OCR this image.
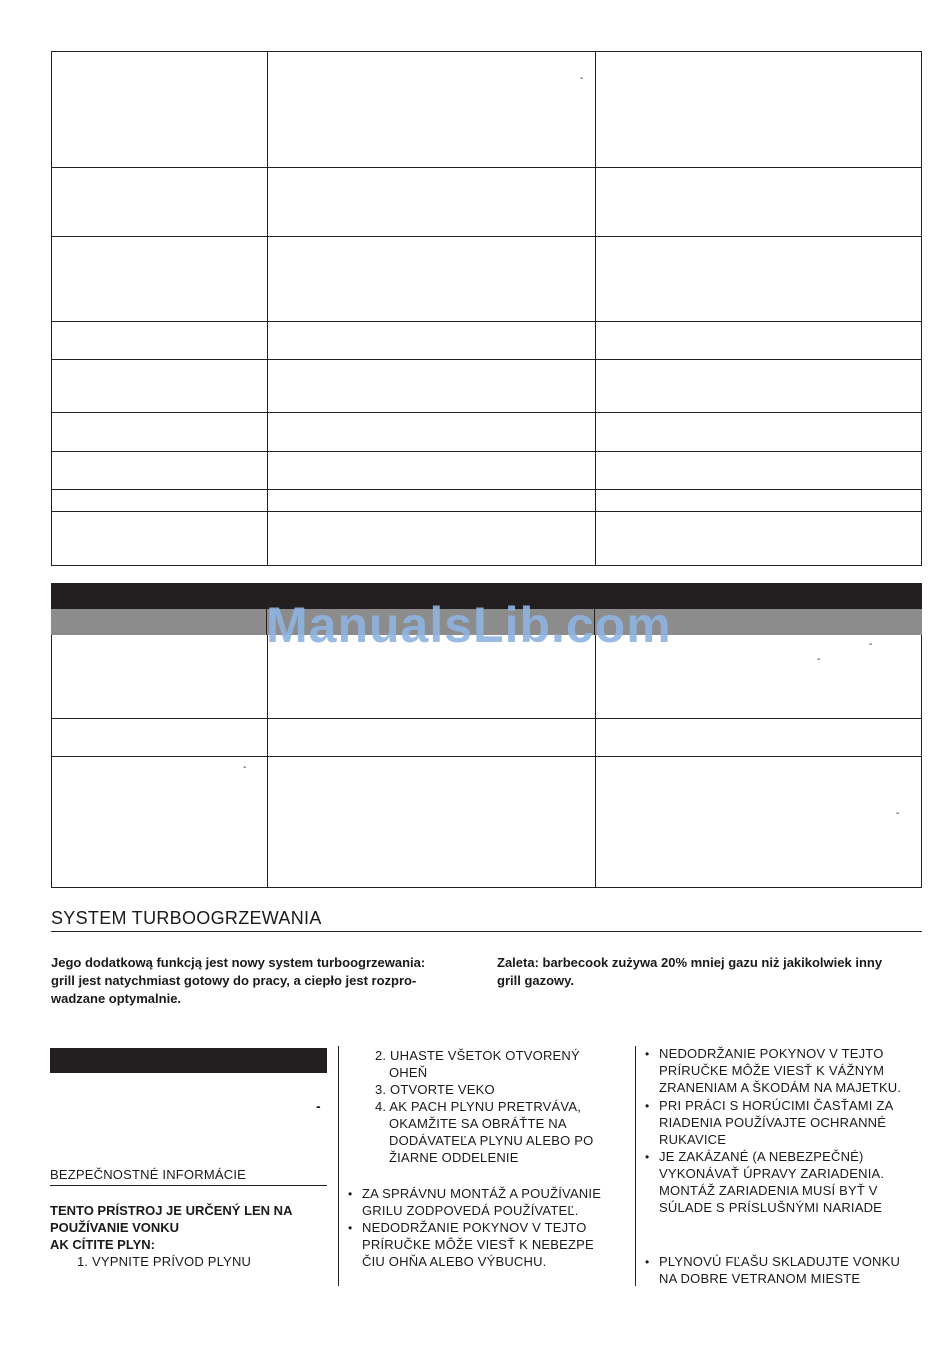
-
-
-
-
-
ManualsLib.com
SYSTEM TURBOOGRZEWANIA
Jego dodatkową funkcją jest nowy system turboogrzewania:
grill jest natychmiast gotowy do pracy, a ciepło jest rozpro-
wadzane optymalnie.
Zaleta: barbecook zużywa 20% mniej gazu niż jakikolwiek inny
grill gazowy.
-
BEZPEČNOSTNÉ INFORMÁCIE
TENTO PRÍSTROJ JE URČENÝ LEN NA
POUŽÍVANIE VONKU
AK CÍTITE PLYN:
1. VYPNITE PRÍVOD PLYNU
2. UHASTE VŠETOK OTVORENÝ
OHEŇ
3. OTVORTE VEKO
4. AK PACH PLYNU PRETRVÁVA,
OKAMŽITE SA OBRÁŤTE NA
DODÁVATEĽA PLYNU ALEBO PO
ŽIARNE ODDELENIE
• ZA SPRÁVNU MONTÁŽ A POUŽÍVANIE
GRILU ZODPOVEDÁ POUŽÍVATEĽ.
• NEDODRŽANIE POKYNOV V TEJTO
PRÍRUČKE MÔŽE VIESŤ K NEBEZPE
ČIU OHŇA ALEBO VÝBUCHU.
• NEDODRŽANIE POKYNOV V TEJTO
PRÍRUČKE MÔŽE VIESŤ K VÁŽNYM
ZRANENIAM A ŠKODÁM NA MAJETKU.
• PRI PRÁCI S HORÚCIMI ČASŤAMI ZA
RIADENIA POUŽÍVAJTE OCHRANNÉ
RUKAVICE
• JE ZAKÁZANÉ (A NEBEZPEČNÉ)
VYKONÁVAŤ ÚPRAVY ZARIADENIA.
MONTÁŽ ZARIADENIA MUSÍ BYŤ V
SÚLADE S PRÍSLUŠNÝMI NARIADE
• PLYNOVÚ FĽAŠU SKLADUJTE VONKU
NA DOBRE VETRANOM MIESTE
